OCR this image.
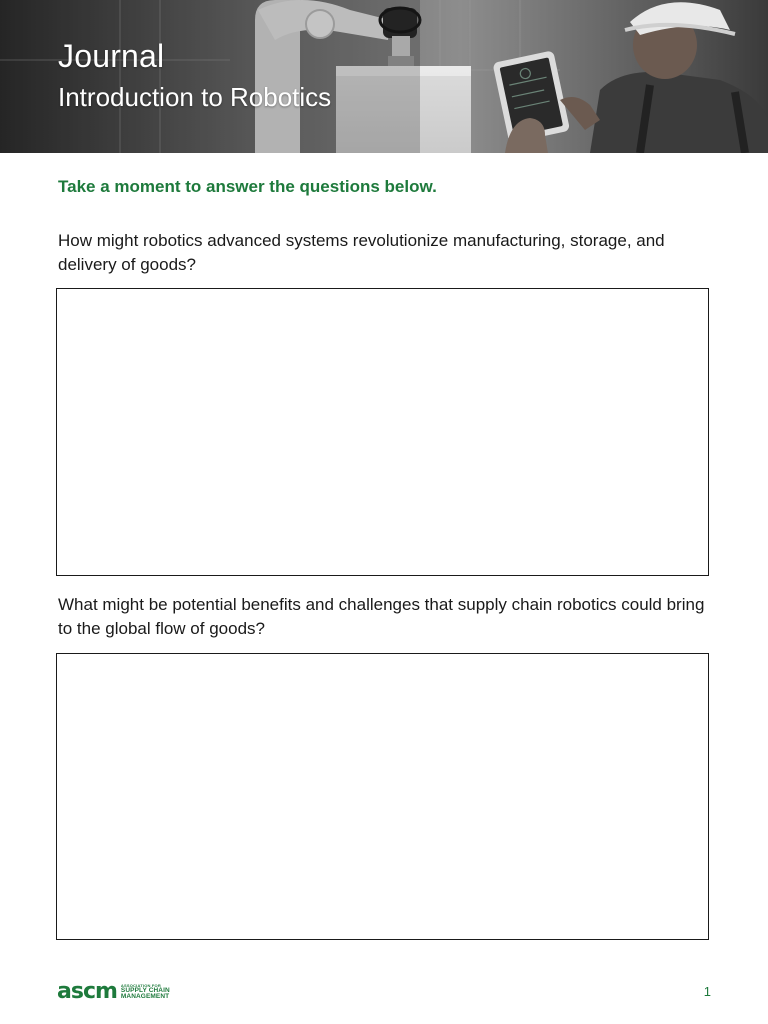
Journal
Introduction to Robotics
Take a moment to answer the questions below.
How might robotics advanced systems revolutionize manufacturing, storage, and delivery of goods?
What might be potential benefits and challenges that supply chain robotics could bring to the global flow of goods?
ascm ASSOCIATION FOR
SUPPLY CHAIN
MANAGEMENT	1
